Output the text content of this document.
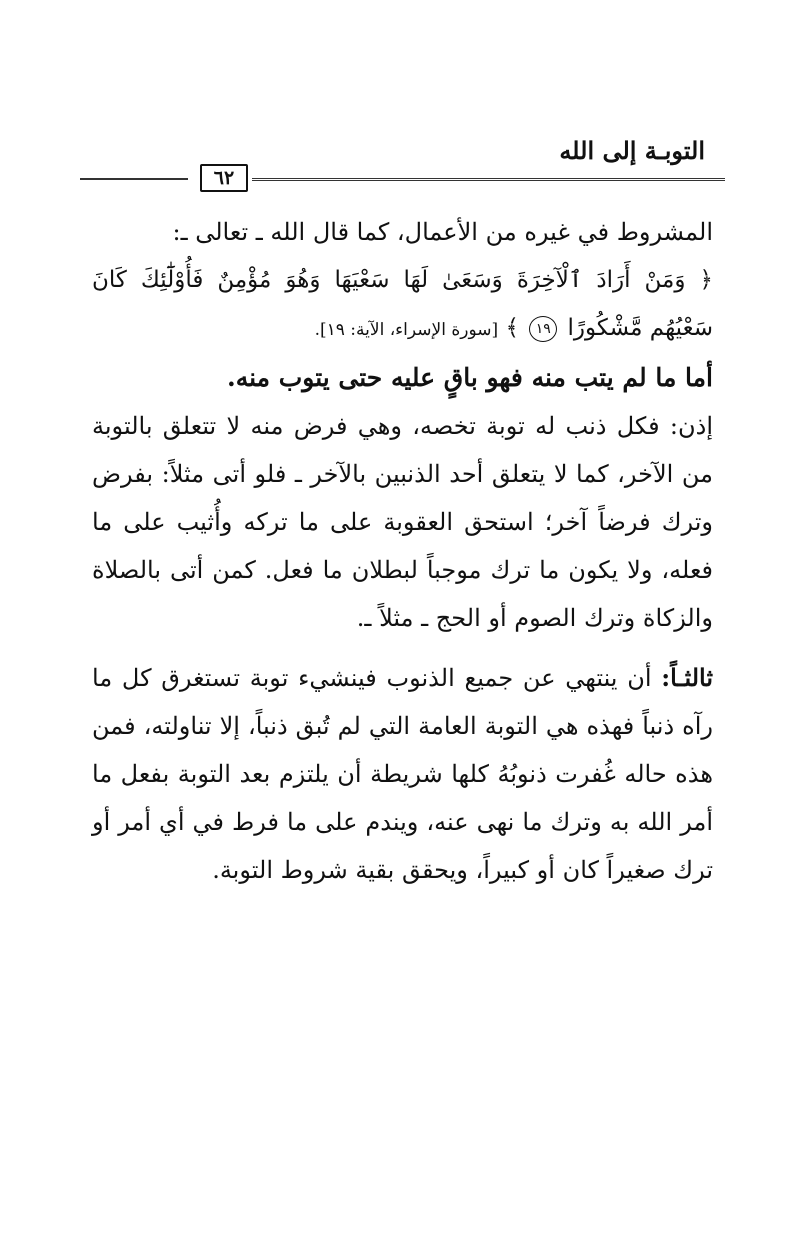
التوبـة إلى الله
٦٢

المشروط في غيره من الأعمال، كما قال الله ـ تعالى ـ:

﴿ وَمَنْ أَرَادَ ٱلْآخِرَةَ وَسَعَىٰ لَهَا سَعْيَهَا وَهُوَ مُؤْمِنٌ فَأُوْلَٰٓئِكَ كَانَ سَعْيُهُم مَّشْكُورًا ١٩ ﴾ [سورة الإسراء، الآية: ١٩].

أما ما لم يتب منه فهو باقٍ عليه حتى يتوب منه.

إذن: فكل ذنب له توبة تخصه، وهي فرض منه لا تتعلق بالتوبة من الآخر، كما لا يتعلق أحد الذنبين بالآخر ـ فلو أتى مثلاً: بفرض وترك فرضاً آخر؛ استحق العقوبة على ما تركه وأُثيب على ما فعله، ولا يكون ما ترك موجباً لبطلان ما فعل. كمن أتى بالصلاة والزكاة وترك الصوم أو الحج ـ مثلاً ـ.

ثالثـاً: أن ينتهي عن جميع الذنوب فينشيء توبة تستغرق كل ما رآه ذنباً فهذه هي التوبة العامة التي لم تُبق ذنباً، إلا تناولته، فمن هذه حاله غُفرت ذنوبُهُ كلها شريطة أن يلتزم بعد التوبة بفعل ما أمر الله به وترك ما نهى عنه، ويندم على ما فرط في أي أمر أو ترك صغيراً كان أو كبيراً، ويحقق بقية شروط التوبة.
